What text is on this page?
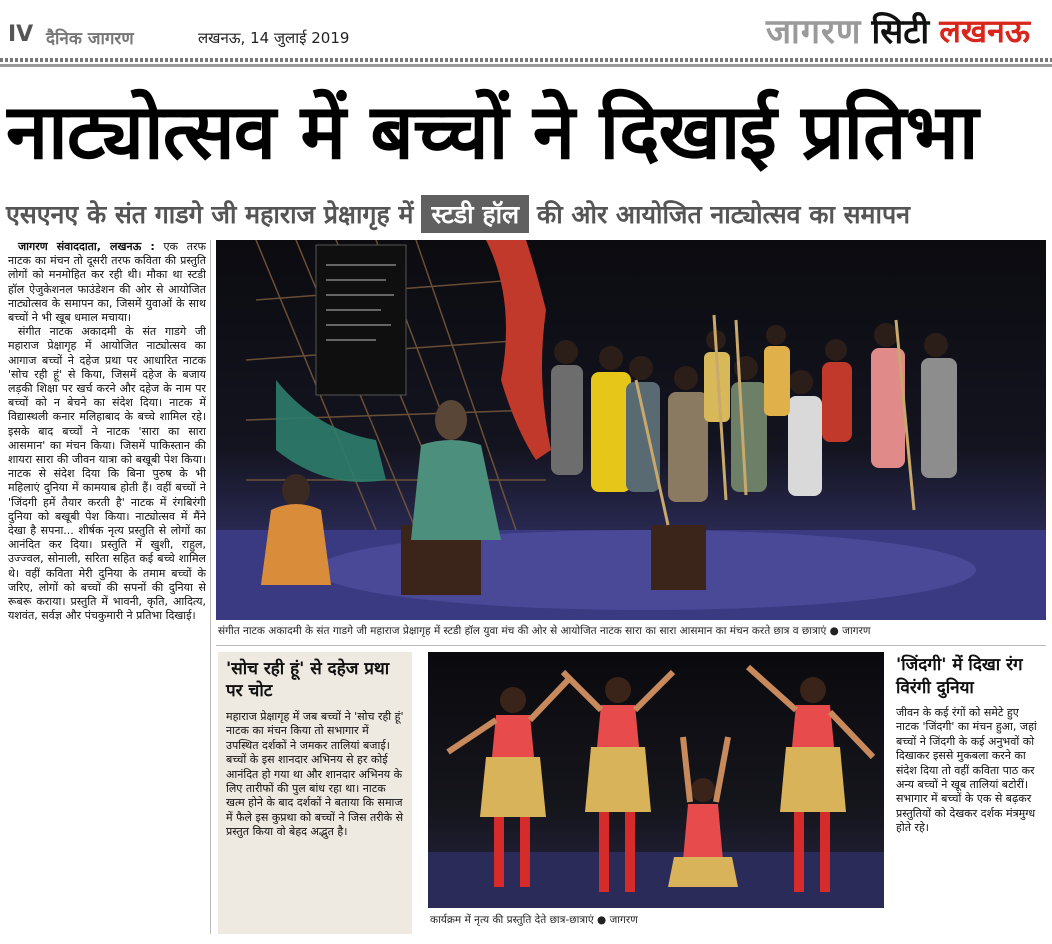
IV दैनिक जागरण	लखनऊ, 14 जुलाई 2019	जागरण सिटी लखनऊ
नाट्योत्सव में बच्चों ने दिखाई प्रतिभा
एसएनए के संत गाडगे जी महाराज प्रेक्षागृह में स्टडी हॉल की ओर आयोजित नाट्योत्सव का समापन

जागरण संवाददाता, लखनऊ : एक तरफ नाटक का मंचन तो दूसरी तरफ कविता की प्रस्तुति लोगों को मनमोहित कर रही थी। मौका था स्टडी हॉल ऐजुकेशनल फाउंडेशन की ओर से आयोजित नाट्योत्सव के समापन का, जिसमें युवाओं के साथ बच्चों ने भी खूब धमाल मचाया।

संगीत नाटक अकादमी के संत गाडगे जी महाराज प्रेक्षागृह में आयोजित नाट्योत्सव का आगाज बच्चों ने दहेज प्रथा पर आधारित नाटक 'सोच रही हूं' से किया, जिसमें दहेज के बजाय लड़की शिक्षा पर खर्च करने और दहेज के नाम पर बच्चों को न बेचने का संदेश दिया। नाटक में विद्यास्थली कनार मलिहाबाद के बच्चे शामिल रहे। इसके बाद बच्चों ने नाटक 'सारा का सारा आसमान' का मंचन किया। जिसमें पाकिस्तान की शायरा सारा की जीवन यात्रा को बखूबी पेश किया। नाटक से संदेश दिया कि बिना पुरुष के भी महिलाएं दुनिया में कामयाब होती हैं। वहीं बच्चों ने 'जिंदगी हमें तैयार करती है' नाटक में रंगबिरंगी दुनिया को बखूबी पेश किया। नाट्योत्सव में मैंने देखा है सपना... शीर्षक नृत्य प्रस्तुति से लोगों का आनंदित कर दिया। प्रस्तुति में खुशी, राहुल, उज्ज्वल, सोनाली, सरिता सहित कई बच्चे शामिल थे। वहीं कविता मेरी दुनिया के तमाम बच्चों के जरिए, लोगों को बच्चों की सपनों की दुनिया से रूबरू कराया। प्रस्तुति में भावनी, कृति, आदित्य, यशवंत, सर्वज्ञ और पंचकुमारी ने प्रतिभा दिखाई।

संगीत नाटक अकादमी के संत गाडगे जी महाराज प्रेक्षागृह में स्टडी हॉल युवा मंच की ओर से आयोजित नाटक सारा का सारा आसमान का मंचन करते छात्र व छात्राएं ● जागरण
'सोच रही हूं' से दहेज प्रथा पर चोट

महाराज प्रेक्षागृह में जब बच्चों ने 'सोच रही हूं' नाटक का मंचन किया तो सभागार में उपस्थित दर्शकों ने जमकर तालियां बजाई। बच्चों के इस शानदार अभिनय से हर कोई आनंदित हो गया था और शानदार अभिनय के लिए तारीफों की पुल बांध रहा था। नाटक खत्म होने के बाद दर्शकों ने बताया कि समाज में फैले इस कुप्रथा को बच्चों ने जिस तरीके से प्रस्तुत किया वो बेहद अद्भुत है।

कार्यक्रम में नृत्य की प्रस्तुति देते छात्र-छात्राएं ● जागरण
'जिंदगी' में दिखा रंग विरंगी दुनिया

जीवन के कई रंगों को समेटे हुए नाटक 'जिंदगी' का मंचन हुआ, जहां बच्चों ने जिंदगी के कई अनुभवों को दिखाकर इससे मुकबला करने का संदेश दिया तो वहीं कविता पाठ कर अन्य बच्चों ने खूब तालियां बटोरीं। सभागार में बच्चों के एक से बढ़कर प्रस्तुतियों को देखकर दर्शक मंत्रमुग्ध होते रहे।
